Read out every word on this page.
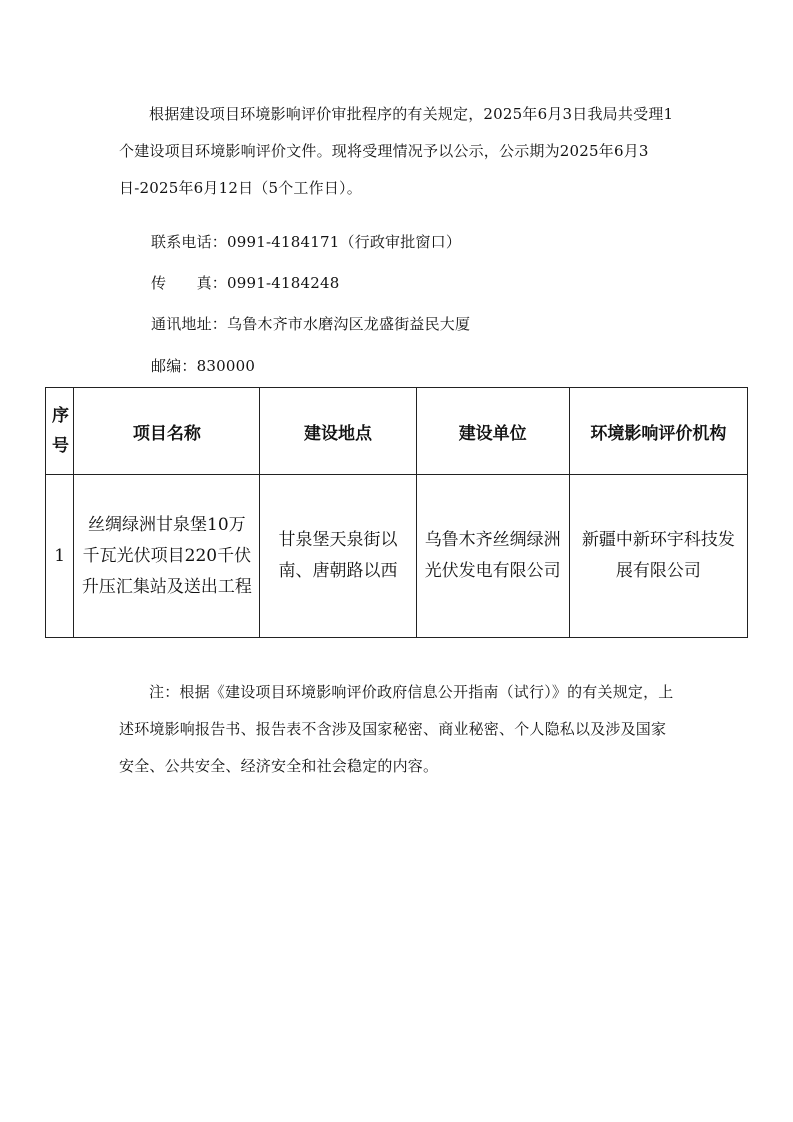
根据建设项目环境影响评价审批程序的有关规定，2025年6月3日我局共受理1个建设项目环境影响评价文件。现将受理情况予以公示，公示期为2025年6月3日-2025年6月12日（5个工作日）。

联系电话：0991-4184171（行政审批窗口）

传　　真：0991-4184248

通讯地址：乌鲁木齐市水磨沟区龙盛街益民大厦

邮编：830000

序号	项目名称	建设地点	建设单位	环境影响评价机构
1	丝绸绿洲甘泉堡10万千瓦光伏项目220千伏升压汇集站及送出工程	甘泉堡天泉街以南、唐朝路以西	乌鲁木齐丝绸绿洲光伏发电有限公司	新疆中新环宇科技发展有限公司

注：根据《建设项目环境影响评价政府信息公开指南（试行）》的有关规定，上述环境影响报告书、报告表不含涉及国家秘密、商业秘密、个人隐私以及涉及国家安全、公共安全、经济安全和社会稳定的内容。
